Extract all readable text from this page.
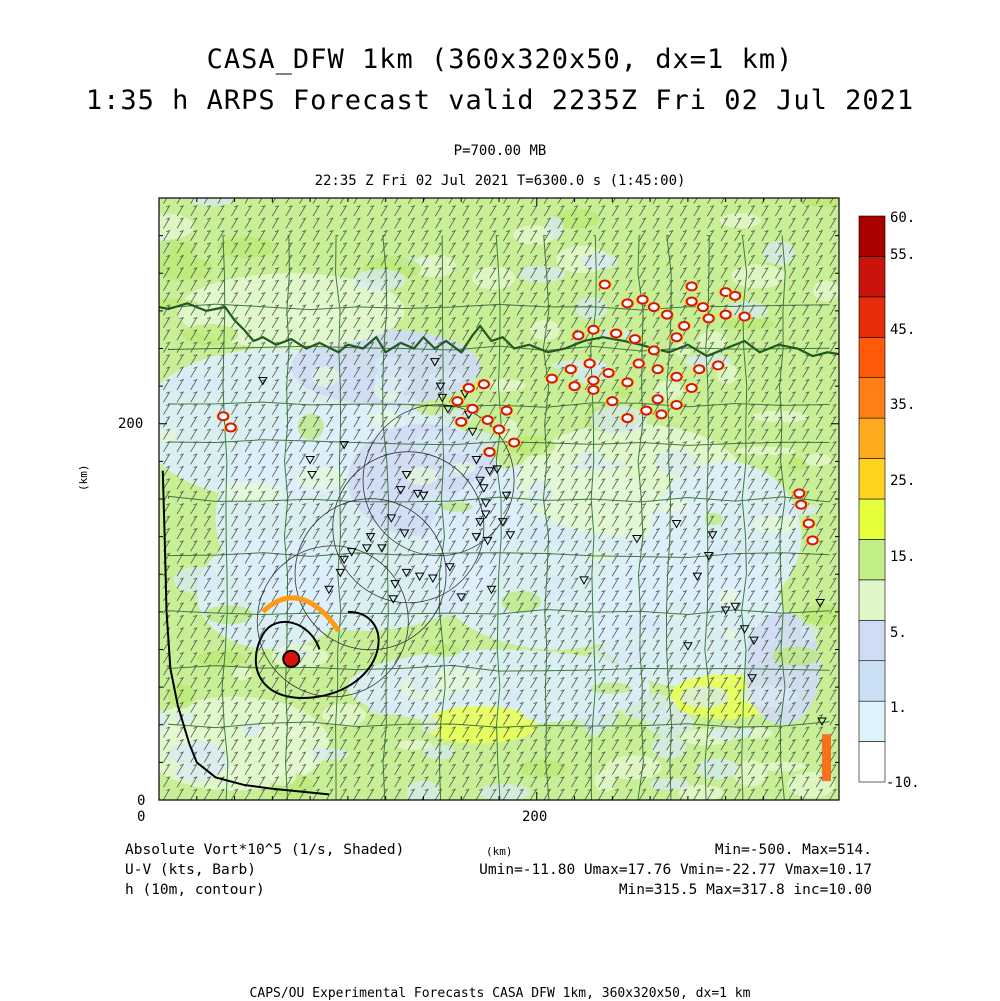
CASA_DFW 1km (360x320x50, dx=1 km)
1:35 h ARPS Forecast valid 2235Z Fri 02 Jul 2021
P=700.00 MB
22:35 Z Fri 02 Jul 2021 T=6300.0 s (1:45:00)
0	200
0
200
(km)
60.
55.
45.
35.
25.
15.
5.
1.
-10.
Absolute Vort*10^5 (1/s, Shaded)
U-V (kts, Barb)
h (10m, contour)
(km)	Min=-500. Max=514.
Umin=-11.80 Umax=17.76 Vmin=-22.77 Vmax=10.17
Min=315.5 Max=317.8 inc=10.00
CAPS/OU Experimental Forecasts CASA DFW 1km, 360x320x50, dx=1 km
